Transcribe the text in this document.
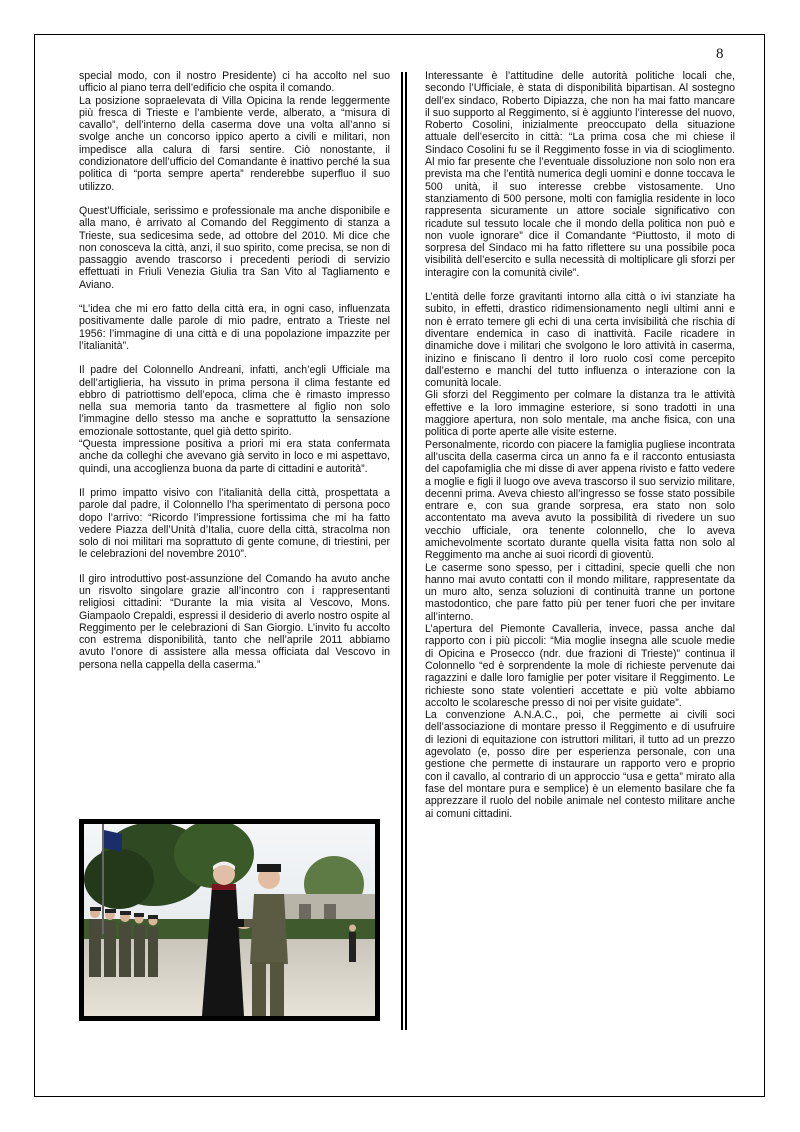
8

special modo, con il nostro Presidente) ci ha accolto nel suo ufficio al piano terra dell’edificio che ospita il comando.

La posizione sopraelevata di Villa Opicina la rende leggermente più fresca di Trieste e l’ambiente verde, alberato, a “misura di cavallo”, dell’interno della caserma dove una volta all’anno si svolge anche un concorso ippico aperto a civili e militari, non impedisce alla calura di farsi sentire. Ciò nonostante, il condizionatore dell’ufficio del Comandante è inattivo perché la sua politica di “porta sempre aperta” renderebbe superfluo il suo utilizzo.

Quest’Ufficiale, serissimo e professionale ma anche disponibile e alla mano, è arrivato al Comando del Reggimento di stanza a Trieste, sua sedicesima sede, ad ottobre del 2010. Mi dice che non conosceva la città, anzi, il suo spirito, come precisa, se non di passaggio avendo trascorso i precedenti periodi di servizio effettuati in Friuli Venezia Giulia tra San Vito al Tagliamento e Aviano.

“L’idea che mi ero fatto della città era, in ogni caso, influenzata positivamente dalle parole di mio padre, entrato a Trieste nel 1956: l’immagine di una città e di una popolazione impazzite per l’italianità”.

Il padre del Colonnello Andreani, infatti, anch’egli Ufficiale ma dell’artiglieria, ha vissuto in prima persona il clima festante ed ebbro di patriottismo dell’epoca, clima che è rimasto impresso nella sua memoria tanto da trasmettere al figlio non solo l’immagine dello stesso ma anche e soprattutto la sensazione emozionale sottostante, quel già detto spirito.

“Questa impressione positiva a priori mi era stata confermata anche da colleghi che avevano già servito in loco e mi aspettavo, quindi, una accoglienza buona da parte di cittadini e autorità”.

Il primo impatto visivo con l’italianità della città, prospettata a parole dal padre, il Colonnello l’ha sperimentato di persona poco dopo l’arrivo: “Ricordo l’impressione fortissima che mi ha fatto vedere Piazza dell’Unità d’Italia, cuore della città, stracolma non solo di noi militari ma soprattuto di gente comune, di triestini, per le celebrazioni del novembre 2010”.

Il giro introduttivo post-assunzione del Comando ha avuto anche un risvolto singolare grazie all’incontro con i rappresentanti religiosi cittadini: “Durante la mia visita al Vescovo, Mons. Giampaolo Crepaldi, espressi il desiderio di averlo nostro ospite al Reggimento per le celebrazioni di San Giorgio. L’invito fu accolto con estrema disponibilità, tanto che nell’aprile 2011 abbiamo avuto l’onore di assistere alla messa officiata dal Vescovo in persona nella cappella della caserma.”

Interessante è l’attitudine delle autorità politiche locali che, secondo l’Ufficiale, è stata di disponibilità bipartisan. Al sostegno dell’ex sindaco, Roberto Dipiazza, che non ha mai fatto mancare il suo supporto al Reggimento, si è aggiunto l’interesse del nuovo, Roberto Cosolini, inizialmente preoccupato della situazione attuale dell’esercito in città: “La prima cosa che mi chiese il Sindaco Cosolini fu se il Reggimento fosse in via di scioglimento. Al mio far presente che l’eventuale dissoluzione non solo non era prevista ma che l’entità numerica degli uomini e donne toccava le 500 unità, il suo interesse crebbe vistosamente. Uno stanziamento di 500 persone, molti con famiglia residente in loco rappresenta sicuramente un attore sociale significativo con ricadute sul tessuto locale che il mondo della politica non può e non vuole ignorare” dice il Comandante “Piuttosto, il moto di sorpresa del Sindaco mi ha fatto riflettere su una possibile poca visibilità dell’esercito e sulla necessità di moltiplicare gli sforzi per interagire con la comunità civile”.

L’entità delle forze gravitanti intorno alla città o ivi stanziate ha subito, in effetti, drastico ridimensionamento negli ultimi anni e non è errato temere gli echi di una certa invisibilità che rischia di diventare endemica in caso di inattività. Facile ricadere in dinamiche dove i militari che svolgono le loro attività in caserma, inizino e finiscano lì dentro il loro ruolo così come percepito dall’esterno e manchi del tutto influenza o interazione con la comunità locale.

Gli sforzi del Reggimento per colmare la distanza tra le attività effettive e la loro immagine esteriore, si sono tradotti in una maggiore apertura, non solo mentale, ma anche fisica, con una politica di porte aperte alle visite esterne.

Personalmente, ricordo con piacere la famiglia pugliese incontrata all’uscita della caserma circa un anno fa e il racconto entusiasta del capofamiglia che mi disse di aver appena rivisto e fatto vedere a moglie e figli il luogo ove aveva trascorso il suo servizio militare, decenni prima. Aveva chiesto all’ingresso se fosse stato possibile entrare e, con sua grande sorpresa, era stato non solo accontentato ma aveva avuto la possibilità di rivedere un suo vecchio ufficiale, ora tenente colonnello, che lo aveva amichevolmente scortato durante quella visita fatta non solo al Reggimento ma anche ai suoi ricordi di gioventù.

Le caserme sono spesso, per i cittadini, specie quelli che non hanno mai avuto contatti con il mondo militare, rappresentate da un muro alto, senza soluzioni di continuità tranne un portone mastodontico, che pare fatto più per tener fuori che per invitare all’interno.

L’apertura del Piemonte Cavalleria, invece, passa anche dal rapporto con i più piccoli: “Mia moglie insegna alle scuole medie di Opicina e Prosecco (ndr. due frazioni di Trieste)” continua il Colonnello “ed è sorprendente la mole di richieste pervenute dai ragazzini e dalle loro famiglie per poter visitare il Reggimento. Le richieste sono state volentieri accettate e più volte abbiamo accolto le scolaresche presso di noi per visite guidate”.

La convenzione A.N.A.C., poi, che permette ai civili soci dell’associazione di montare presso il Reggimento e di usufruire di lezioni di equitazione con istruttori militari, il tutto ad un prezzo agevolato (e, posso dire per esperienza personale, con una gestione che permette di instaurare un rapporto vero e proprio con il cavallo, al contrario di un approccio “usa e getta” mirato alla fase del montare pura e semplice) è un elemento basilare che fa apprezzare il ruolo del nobile animale nel contesto militare anche ai comuni cittadini.
